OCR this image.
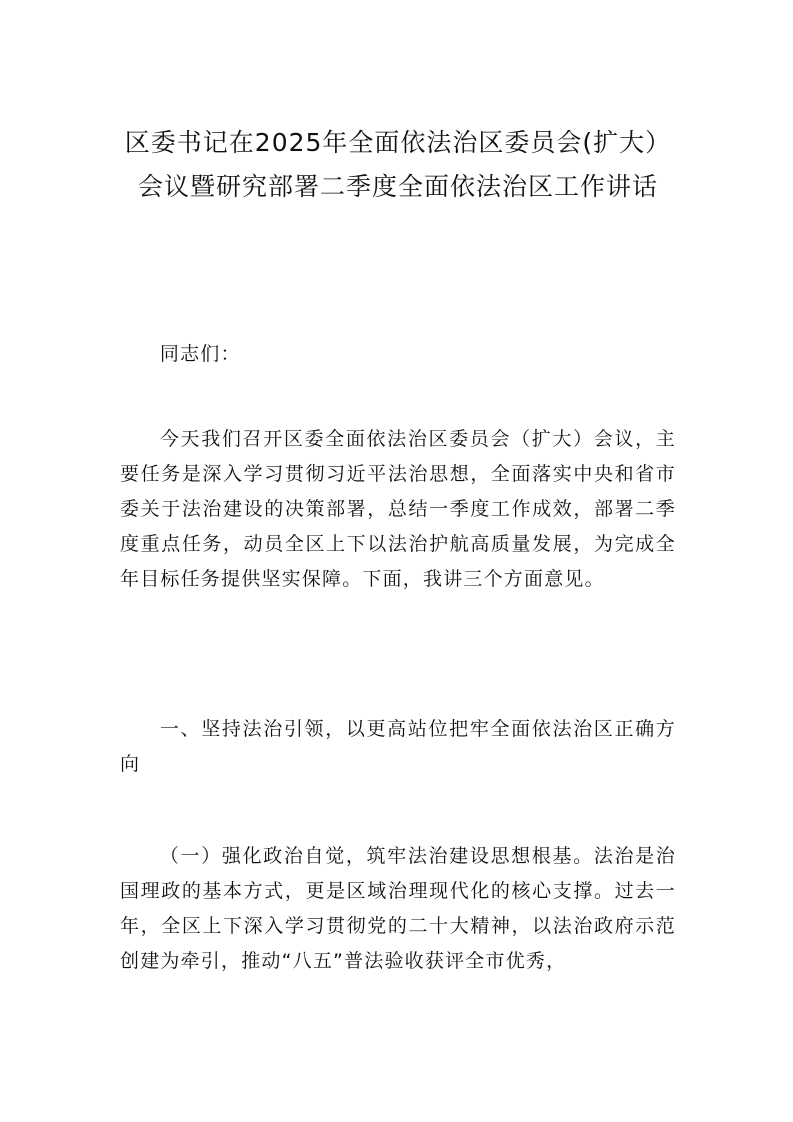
区委书记在2025年全面依法治区委员会(扩大）会议暨研究部署二季度全面依法治区工作讲话

同志们：

今天我们召开区委全面依法治区委员会（扩大）会议，主要任务是深入学习贯彻习近平法治思想，全面落实中央和省市委关于法治建设的决策部署，总结一季度工作成效，部署二季度重点任务，动员全区上下以法治护航高质量发展，为完成全年目标任务提供坚实保障。下面，我讲三个方面意见。

一、坚持法治引领，以更高站位把牢全面依法治区正确方向

（一）强化政治自觉，筑牢法治建设思想根基。法治是治国理政的基本方式，更是区域治理现代化的核心支撑。过去一年，全区上下深入学习贯彻党的二十大精神，以法治政府示范创建为牵引，推动“八五”普法验收获评全市优秀，
